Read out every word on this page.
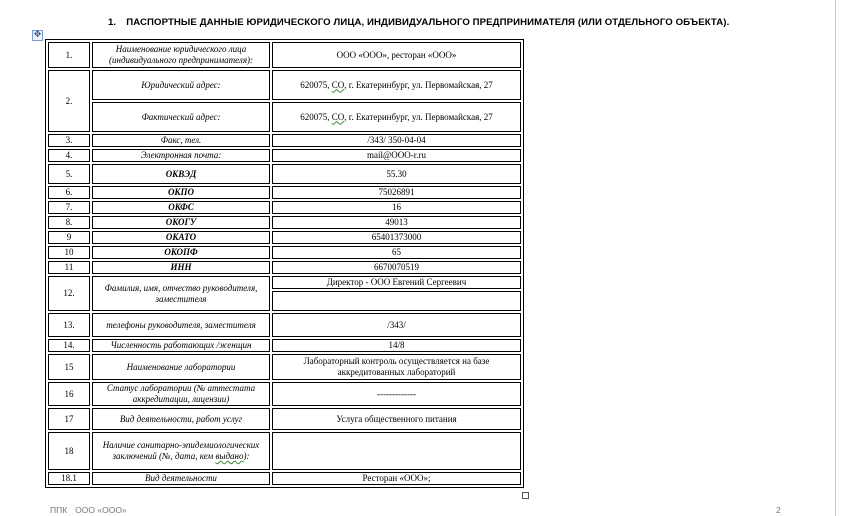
1. ПАСПОРТНЫЕ ДАННЫЕ ЮРИДИЧЕСКОГО ЛИЦА, ИНДИВИДУАЛЬНОГО ПРЕДПРИНИМАТЕЛЯ (ИЛИ ОТДЕЛЬНОГО ОБЪЕКТА).
✥
1.	Наименование юридического лица (индивидуального предпринимателя):	ООО «ООО», ресторан «ООО»
2.	Юридический адрес:	620075, СО, г. Екатеринбург, ул. Первомайская, 27
	Фактический адрес:	620075, СО, г. Екатеринбург, ул. Первомайская, 27
3.	Факс, тел.	/343/ 350-04-04
4.	Электронная почта:	mail@OOO-r.ru
5.	ОКВЭД	55.30
6.	ОКПО	75026891
7.	ОКФС	16
8.	ОКОГУ	49013
9	ОКАТО	65401373000
10	ОКОПФ	65
11	ИНН	6670070519
12.	Фамилия, имя, отчество руководителя, заместителя	Директор - ООО Евгений Сергеевич

13.	телефоны руководителя, заместителя	/343/
14.	Численность работающих /женщин	14/8
15	Наименование лаборатории	Лабораторный контроль осуществляется на базе аккредитованных лабораторий
16	Статус лаборатории (№ аттестата аккредитации, лицензии)	-------------
17	Вид деятельности, работ услуг	Услуга общественного питания
18	Наличие санитарно-эпидемиологических заключений (№, дата, кем выдано):	
18.1	Вид деятельности	Ресторан «ООО»;
ППК ООО «ООО»	2
